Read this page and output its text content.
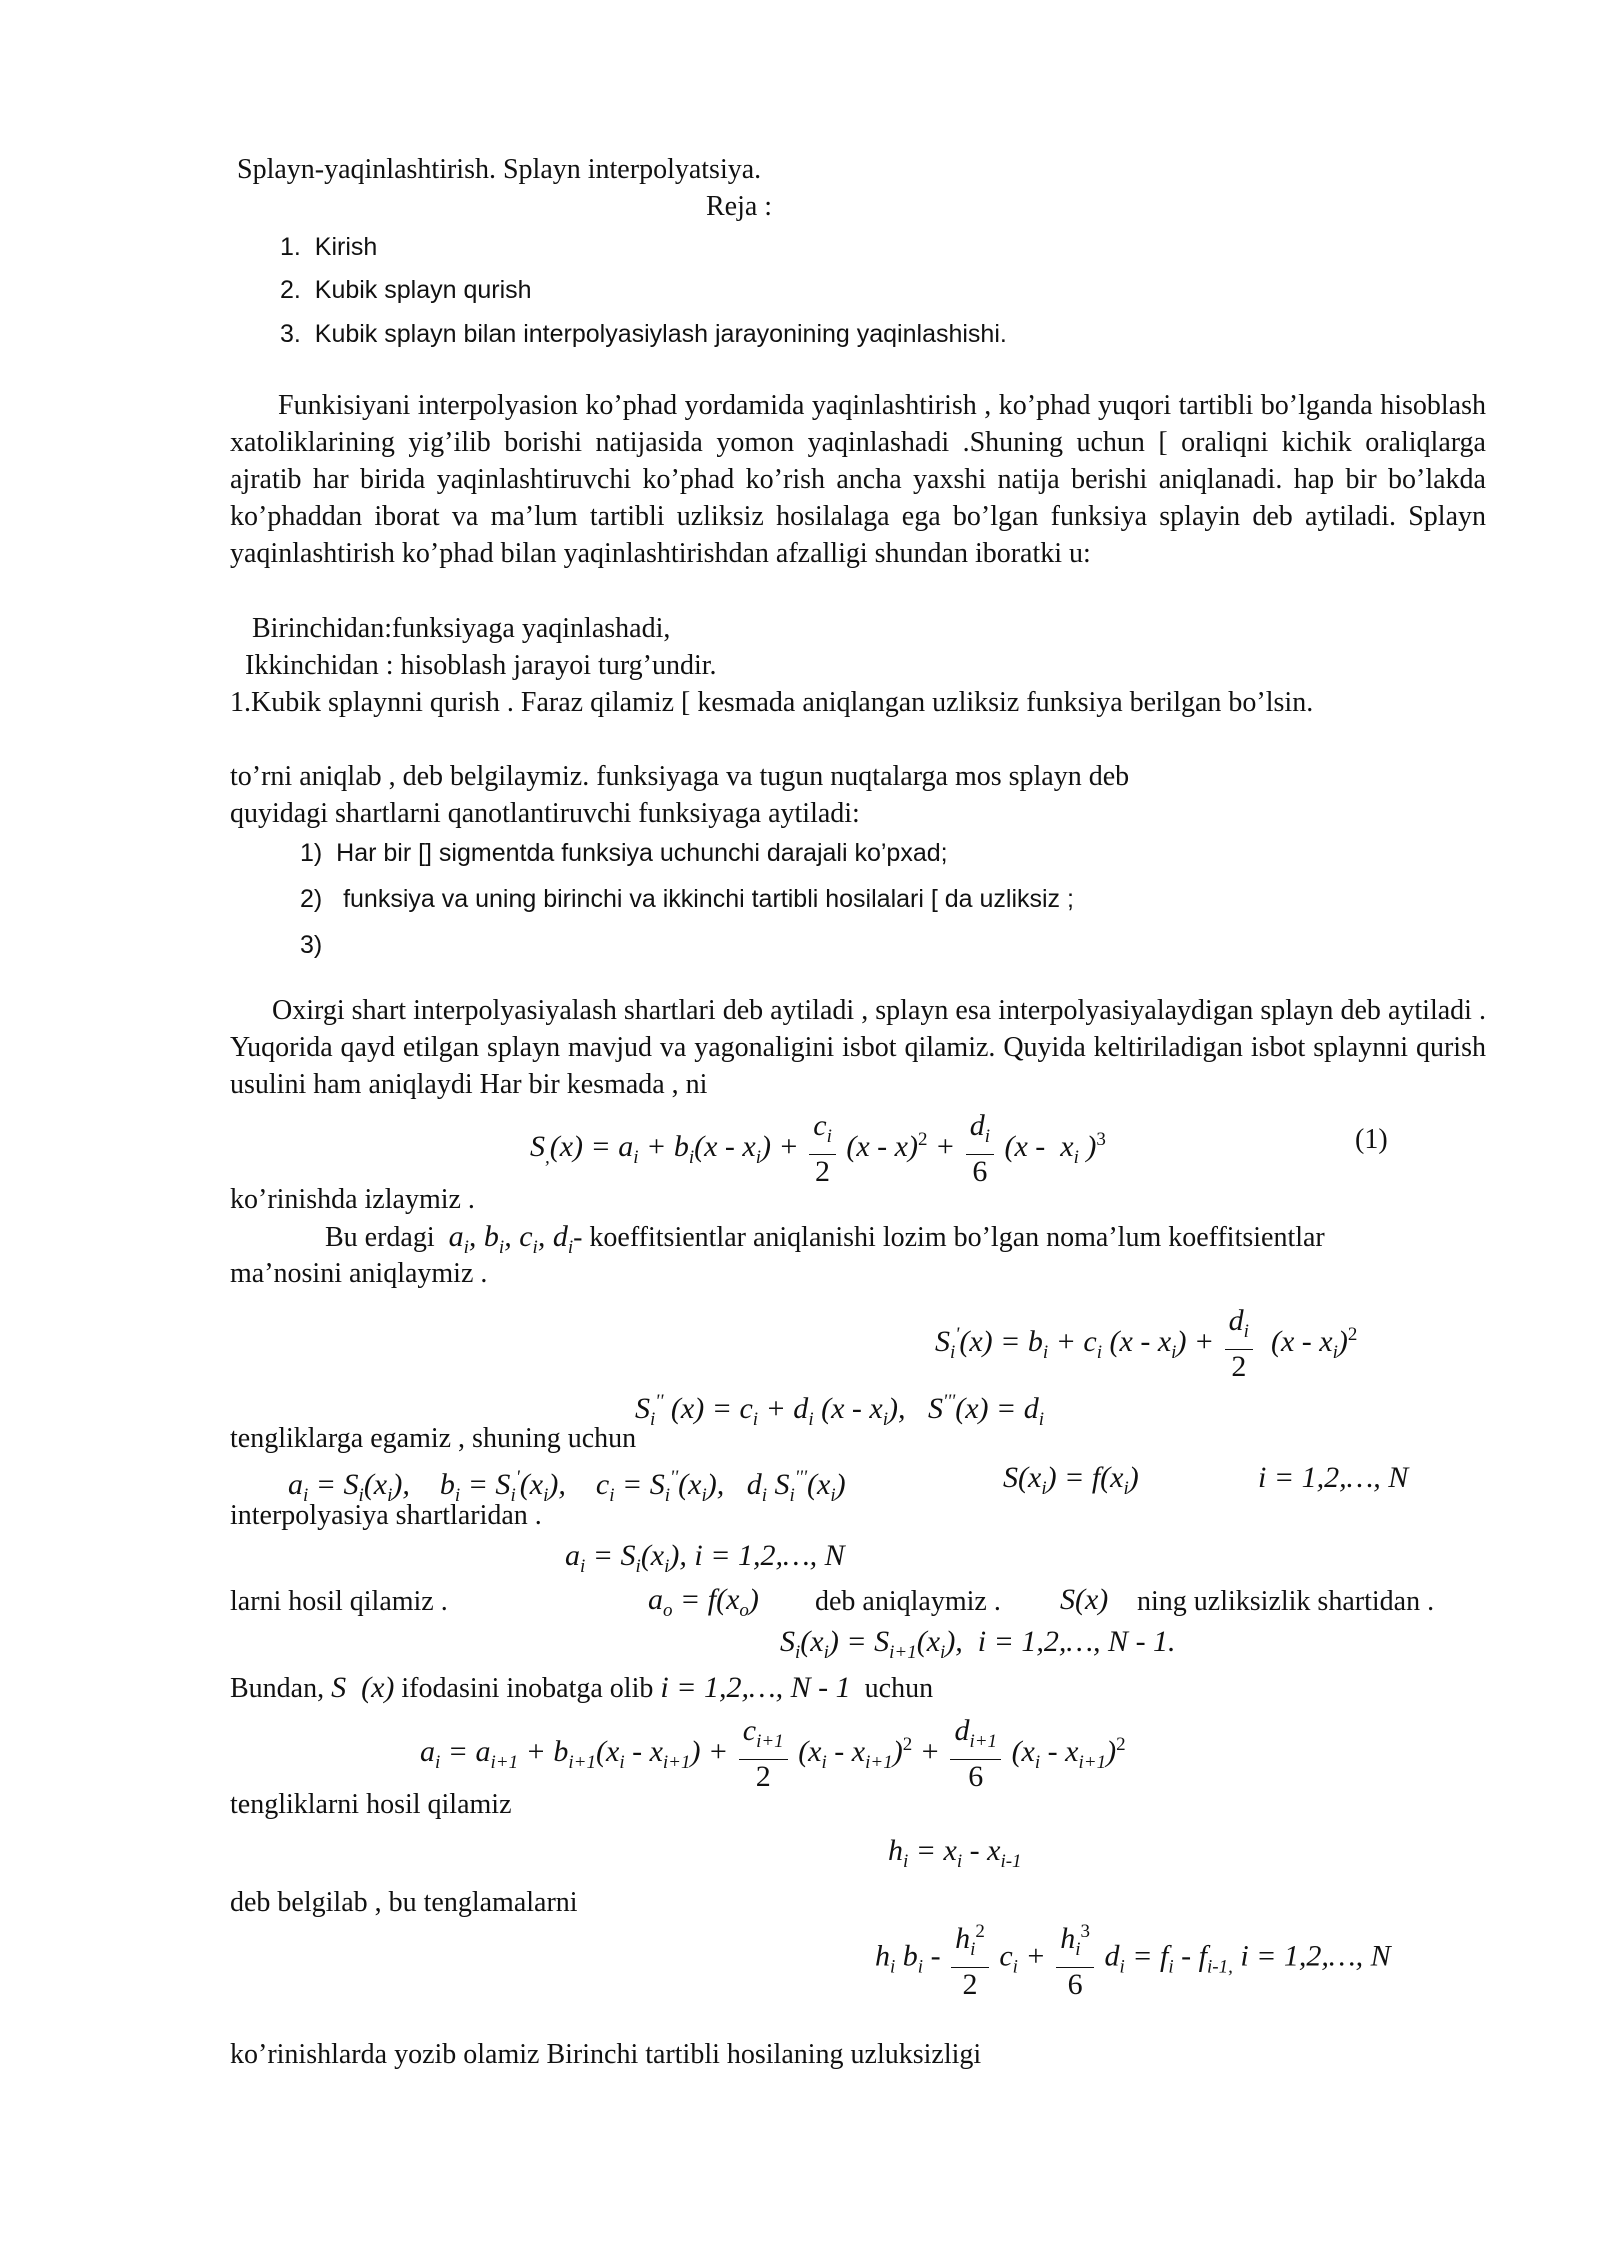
Splayn-yaqinlashtirish. Splayn interpolyatsiya.
Reja :
1. Kirish
2. Kubik splayn qurish
3. Kubik splayn bilan interpolyasiylash jarayonining yaqinlashishi.

Funkisiyani interpolyasion ko’phad yordamida yaqinlashtirish , ko’phad yuqori tartibli bo’lganda hisoblash xatoliklarining yig’ilib borishi natijasida yomon yaqinlashadi .Shuning uchun [ oraliqni kichik oraliqlarga ajratib har birida yaqinlashtiruvchi ko’phad ko’rish ancha yaxshi natija berishi aniqlanadi. hap bir bo’lakda ko’phaddan iborat va ma’lum tartibli uzliksiz hosilalaga ega bo’lgan funksiya splayin deb aytiladi. Splayn yaqinlashtirish ko’phad bilan yaqinlashtirishdan afzalligi shundan iboratki u:

Birinchidan:funksiyaga yaqinlashadi,
Ikkinchidan : hisoblash jarayoi turg’undir.
1.Kubik splaynni qurish . Faraz qilamiz [ kesmada aniqlangan uzliksiz funksiya berilgan bo’lsin.
to’rni aniqlab , deb belgilaymiz. funksiyaga va tugun nuqtalarga mos splayn deb
quyidagi shartlarni qanotlantiruvchi funksiyaga aytiladi:
1) Har bir [] sigmentda funksiya uchunchi darajali ko’pxad;
2) funksiya va uning birinchi va ikkinchi tartibli hosilalari [ da uzliksiz ;
3)

Oxirgi shart interpolyasiyalash shartlari deb aytiladi , splayn esa interpolyasiyalaydigan splayn deb aytiladi . Yuqorida qayd etilgan splayn mavjud va yagonaligini isbot qilamiz. Quyida keltiriladigan isbot splaynni qurish usulini ham aniqlaydi Har bir kesmada , ni

$S_,(x) = a_i + b_i(x - x_i) + \frac{c_i}{2} (x - x)^2 + \frac{d_i}{6} (x - x_i$ )$^3$	(1)
ko’rinishda izlaymiz .
Bu erdagi $a_i$, $b_i$, $c_i$, $d_i-$ koeffitsientlar aniqlanishi lozim bo’lgan noma’lum koeffitsientlar
ma’nosini aniqlaymiz .
$S_i'(x) = b_i + c_i$ $(x - x_i) + \frac{d_i}{2} (x - x_i)^2$
$S_i''$ $(x) = c_i + d_i$ $(x - x_i)$,   $S'''(x) = d_i$
tengliklarga egamiz , shuning uchun
$a_i = S_i(x_i)$,    $b_i = S_i'(x_i)$,    $c_i = S_i''(x_i)$,   $d_i$ $S_i'''(x_i)$	$S(x_i) = f(x_i)$	i = 1,2,…, N
interpolyasiya shartlaridan .
$a_i = S_i(x_i)$, i = 1,2,…, N
larni hosil qilamiz .	$a_o = f(x_o)$ deb aniqlaymiz . S(x) ning uzliksizlik shartidan .
$S_i(x_i) = S_{i+1}(x_i)$,  i = 1,2,…, N - 1.
Bundan, S  (x) ifodasini inobatga olib i = 1,2,…, N - 1 uchun
$a_i = a_{i+1} + b_{i+1}(x_i - x_{i+1}) + \frac{c_{i+1}}{2} (x_i - x_{i+1})^2 + \frac{d_{i+1}}{6} (x_i - x_{i+1})^2$
tengliklarni hosil qilamiz
$h_i = x_i - x_{i-1}$
deb belgilab , bu tenglamalarni
$h_i$ $b_i - \frac{h_i^2}{2} c_i + \frac{h_i^3}{6} d_i = f_i - f_{i-1,}$ i = 1,2,…, N
ko’rinishlarda yozib olamiz Birinchi tartibli hosilaning uzluksizligi
